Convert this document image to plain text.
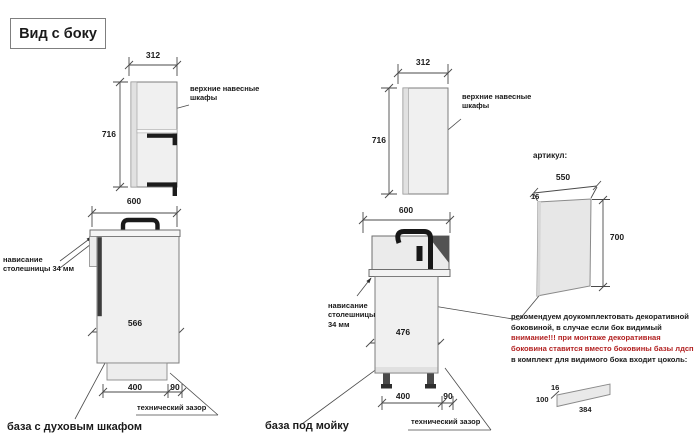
Вид с боку
312
716
верхние навесные шкафы
600
нависание столешницы 34 мм
566
400	90
технический зазор
база с духовым шкафом
312
716
верхние навесные шкафы
600
нависание столешницы 34 мм
476
400	90
технический зазор
база под мойку
артикул:
550
16
700
рекомендуем доукомплектовать декоративной
боковиной, в случае если бок видимый
внимание!!! при монтаже декоративная
боковина ставится вместо боковины базы лдсп
в комплект для видимого бока входит цоколь:
16
100
384
